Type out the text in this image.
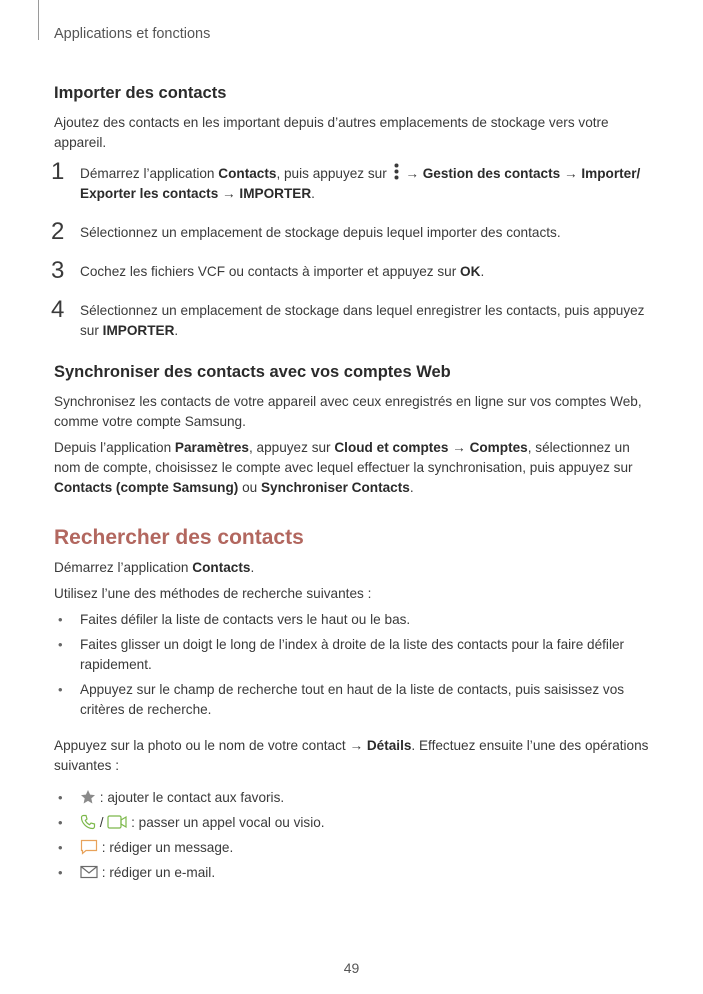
Applications et fonctions
Importer des contacts

Ajoutez des contacts en les important depuis d’autres emplacements de stockage vers votre appareil.

1 Démarrez l’application Contacts, puis appuyez sur  → Gestion des contacts → Importer/ Exporter les contacts → IMPORTER.
2 Sélectionnez un emplacement de stockage depuis lequel importer des contacts.
3 Cochez les fichiers VCF ou contacts à importer et appuyez sur OK.
4 Sélectionnez un emplacement de stockage dans lequel enregistrer les contacts, puis appuyez sur IMPORTER.
Synchroniser des contacts avec vos comptes Web

Synchronisez les contacts de votre appareil avec ceux enregistrés en ligne sur vos comptes Web, comme votre compte Samsung.

Depuis l’application Paramètres, appuyez sur Cloud et comptes → Comptes, sélectionnez un nom de compte, choisissez le compte avec lequel effectuer la synchronisation, puis appuyez sur Contacts (compte Samsung) ou Synchroniser Contacts.

Rechercher des contacts

Démarrez l’application Contacts.

Utilisez l’une des méthodes de recherche suivantes :

• Faites défiler la liste de contacts vers le haut ou le bas.
• Faites glisser un doigt le long de l’index à droite de la liste des contacts pour la faire défiler rapidement.
• Appuyez sur le champ de recherche tout en haut de la liste de contacts, puis saisissez vos critères de recherche.

Appuyez sur la photo ou le nom de votre contact → Détails. Effectuez ensuite l’une des opérations suivantes :

• : ajouter le contact aux favoris.
• /  : passer un appel vocal ou visio.
•	: rédiger un message.
•	: rédiger un e-mail.
49
